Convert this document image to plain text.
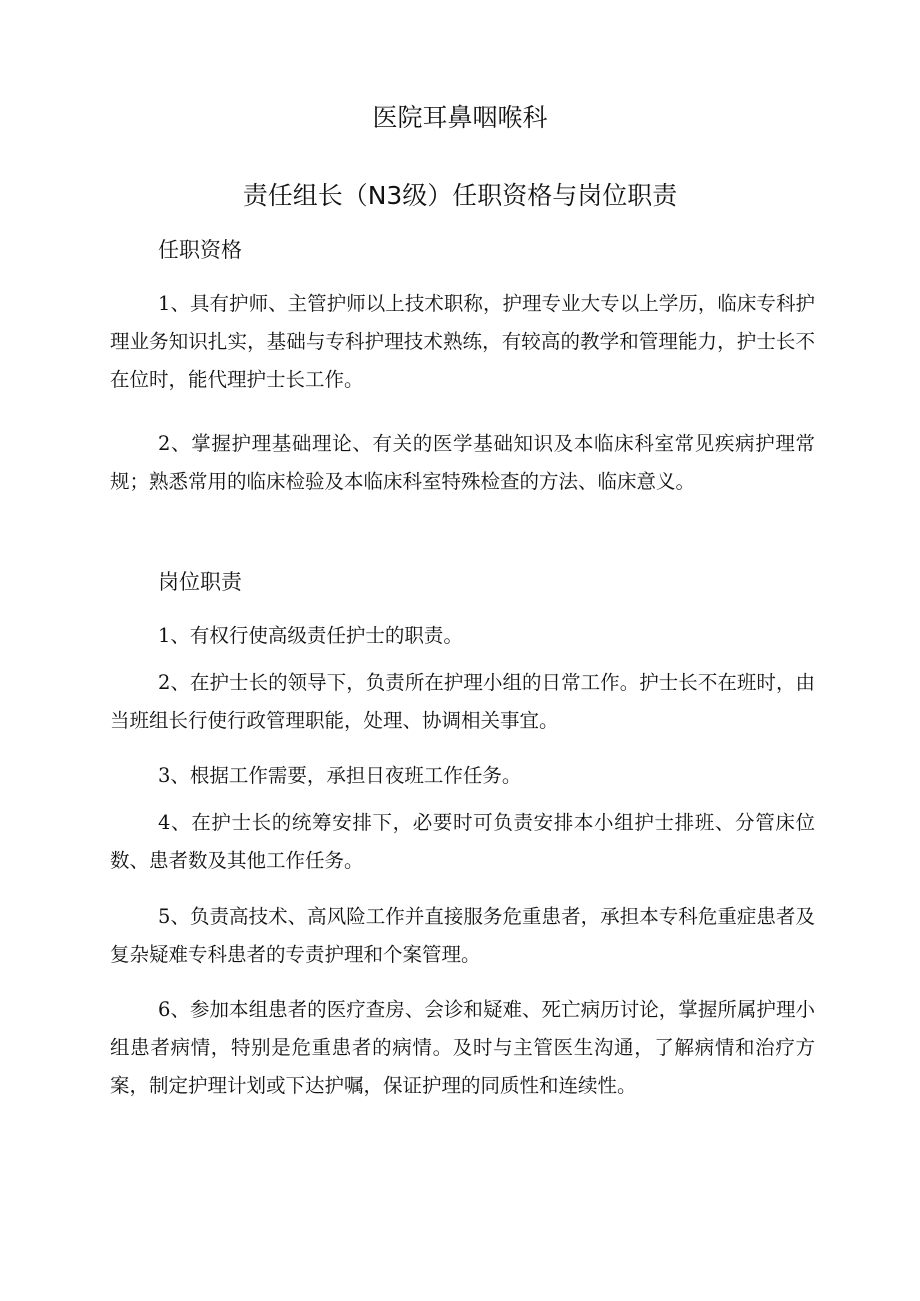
医院耳鼻咽喉科
责任组长（N3级）任职资格与岗位职责
任职资格

1、具有护师、主管护师以上技术职称，护理专业大专以上学历，临床专科护理业务知识扎实，基础与专科护理技术熟练，有较高的教学和管理能力，护士长不在位时，能代理护士长工作。

2、掌握护理基础理论、有关的医学基础知识及本临床科室常见疾病护理常规；熟悉常用的临床检验及本临床科室特殊检查的方法、临床意义。

岗位职责

1、有权行使高级责任护士的职责。

2、在护士长的领导下，负责所在护理小组的日常工作。护士长不在班时，由当班组长行使行政管理职能，处理、协调相关事宜。

3、根据工作需要，承担日夜班工作任务。

4、在护士长的统筹安排下，必要时可负责安排本小组护士排班、分管床位数、患者数及其他工作任务。

5、负责高技术、高风险工作并直接服务危重患者，承担本专科危重症患者及复杂疑难专科患者的专责护理和个案管理。

6、参加本组患者的医疗查房、会诊和疑难、死亡病历讨论，掌握所属护理小组患者病情，特别是危重患者的病情。及时与主管医生沟通，了解病情和治疗方案，制定护理计划或下达护嘱，保证护理的同质性和连续性。
